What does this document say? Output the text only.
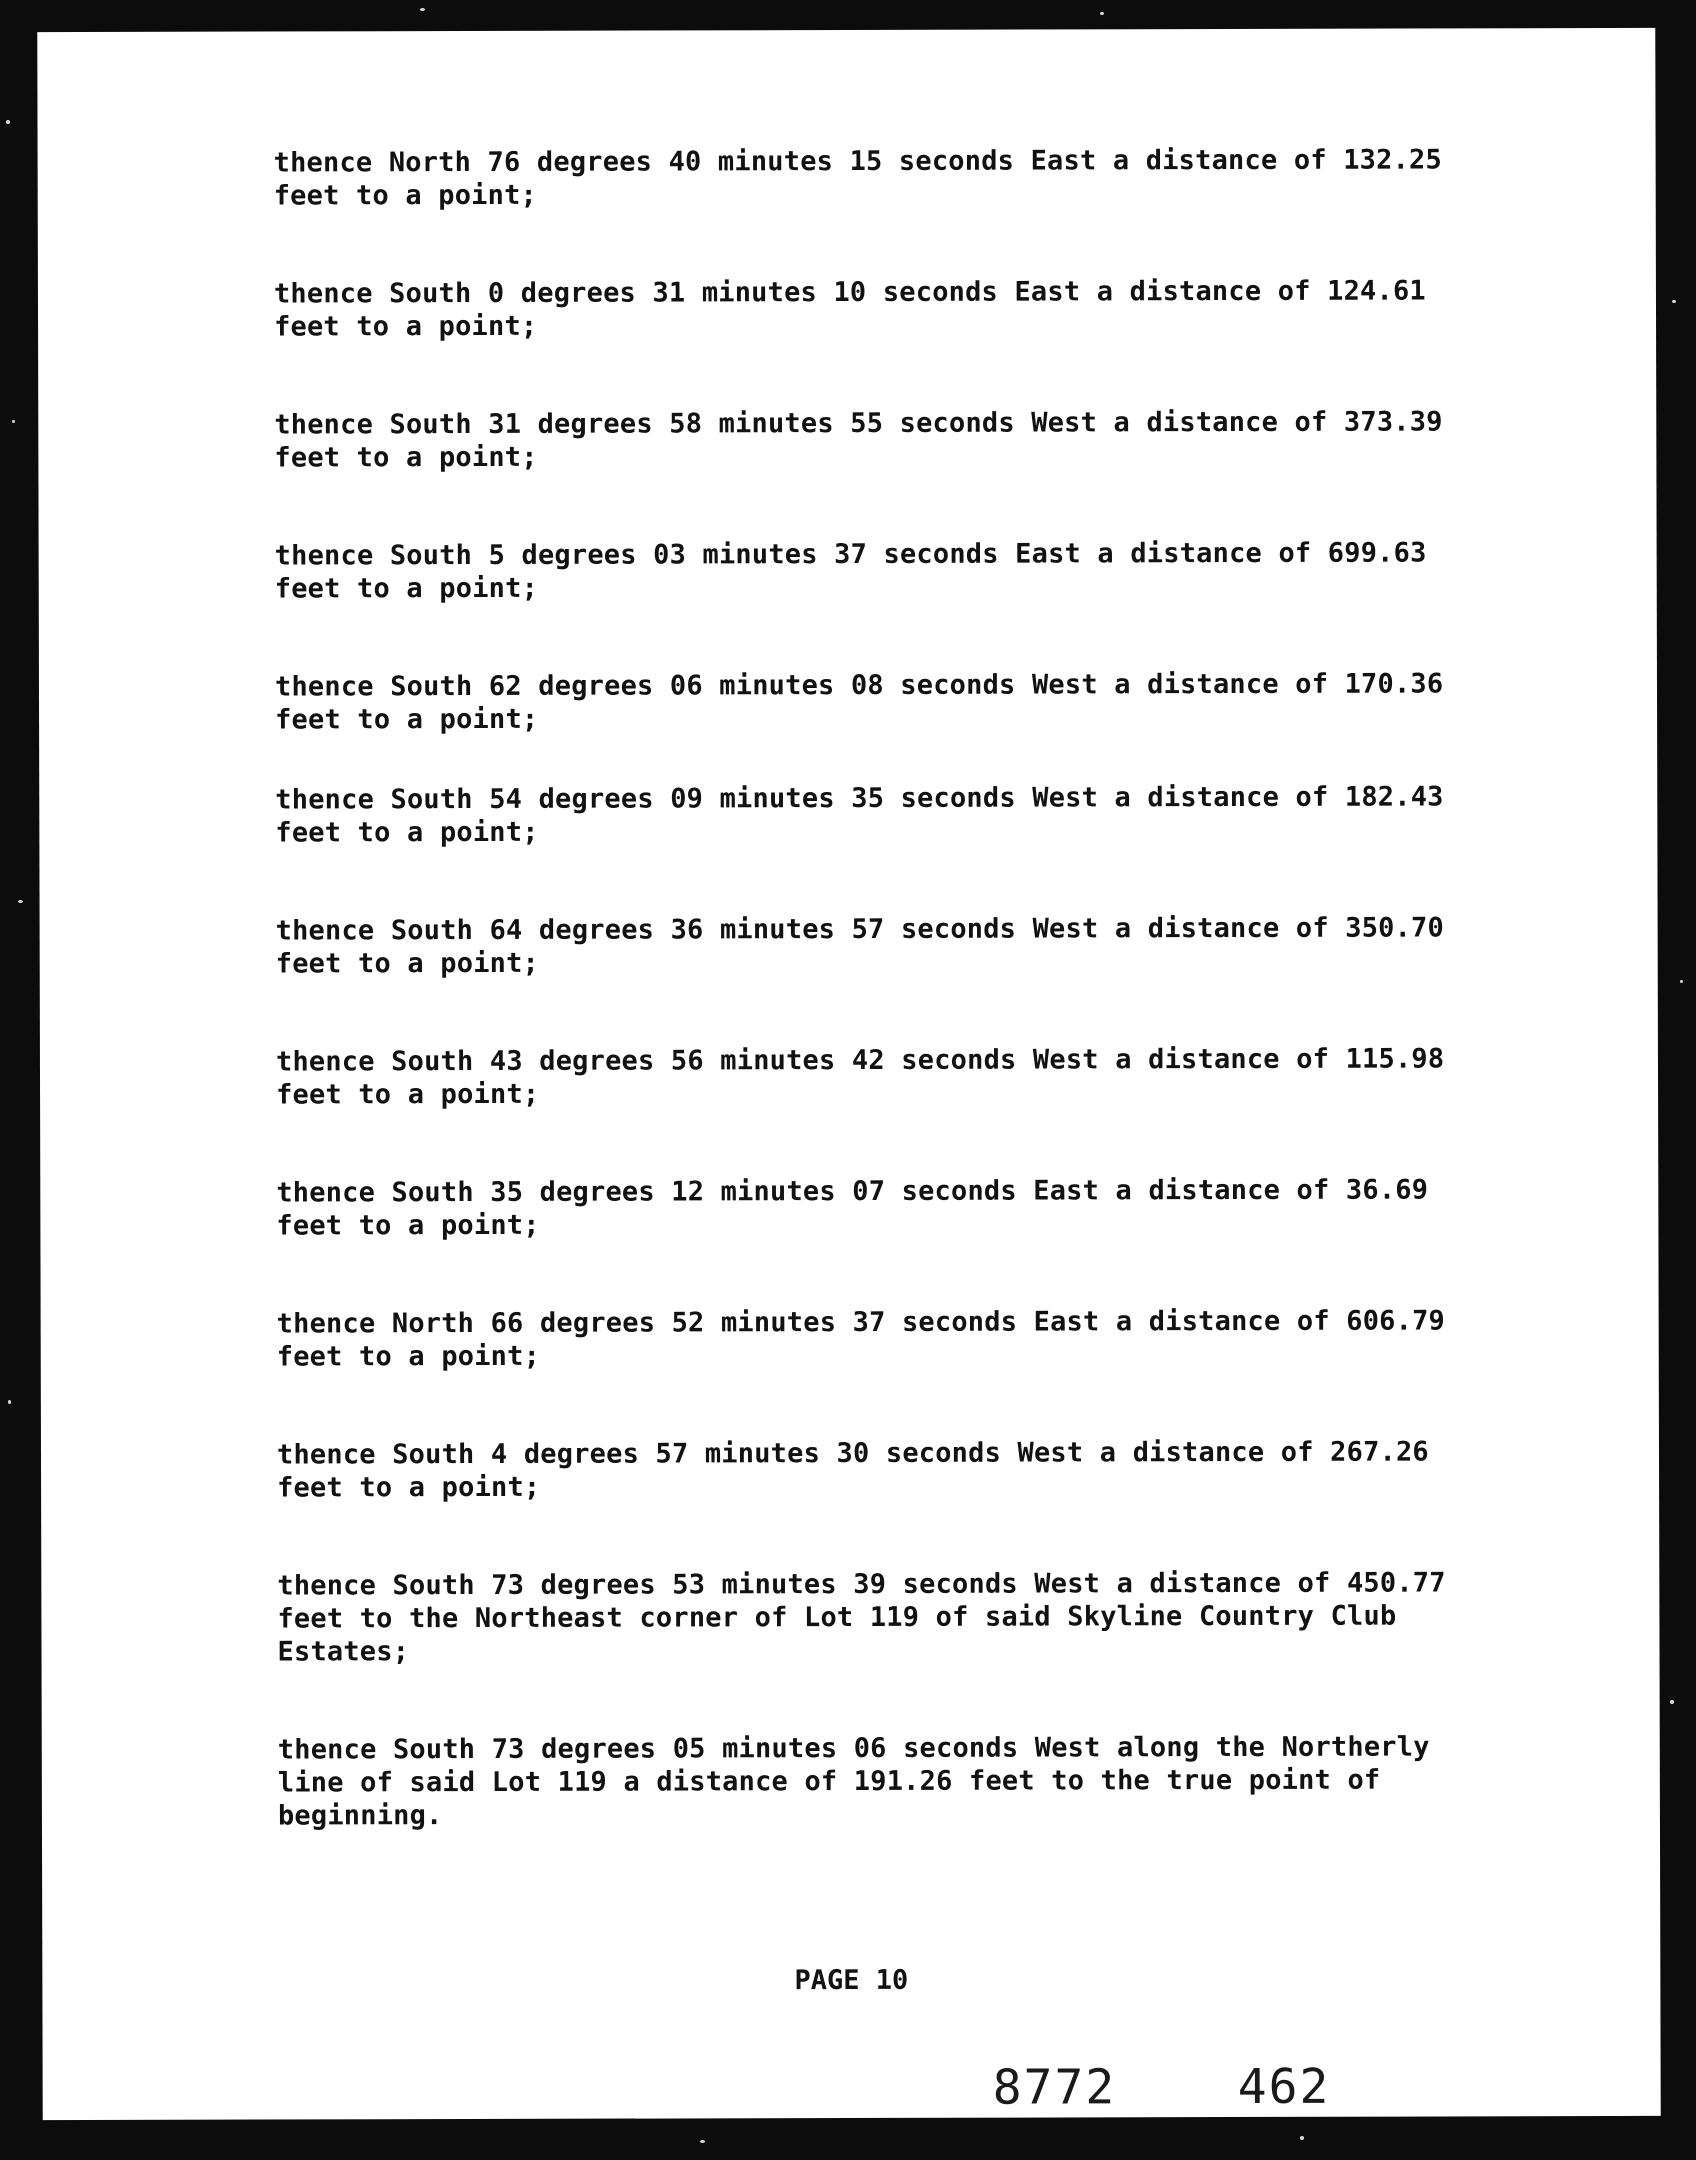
thence North 76 degrees 40 minutes 15 seconds East a distance of 132.25
feet to a point;

thence South 0 degrees 31 minutes 10 seconds East a distance of 124.61
feet to a point;

thence South 31 degrees 58 minutes 55 seconds West a distance of 373.39
feet to a point;

thence South 5 degrees 03 minutes 37 seconds East a distance of 699.63
feet to a point;

thence South 62 degrees 06 minutes 08 seconds West a distance of 170.36
feet to a point;

thence South 54 degrees 09 minutes 35 seconds West a distance of 182.43
feet to a point;

thence South 64 degrees 36 minutes 57 seconds West a distance of 350.70
feet to a point;

thence South 43 degrees 56 minutes 42 seconds West a distance of 115.98
feet to a point;

thence South 35 degrees 12 minutes 07 seconds East a distance of 36.69
feet to a point;

thence North 66 degrees 52 minutes 37 seconds East a distance of 606.79
feet to a point;

thence South 4 degrees 57 minutes 30 seconds West a distance of 267.26
feet to a point;

thence South 73 degrees 53 minutes 39 seconds West a distance of 450.77
feet to the Northeast corner of Lot 119 of said Skyline Country Club
Estates;

thence South 73 degrees 05 minutes 06 seconds West along the Northerly
line of said Lot 119 a distance of 191.26 feet to the true point of
beginning.

PAGE 10
8772	462
